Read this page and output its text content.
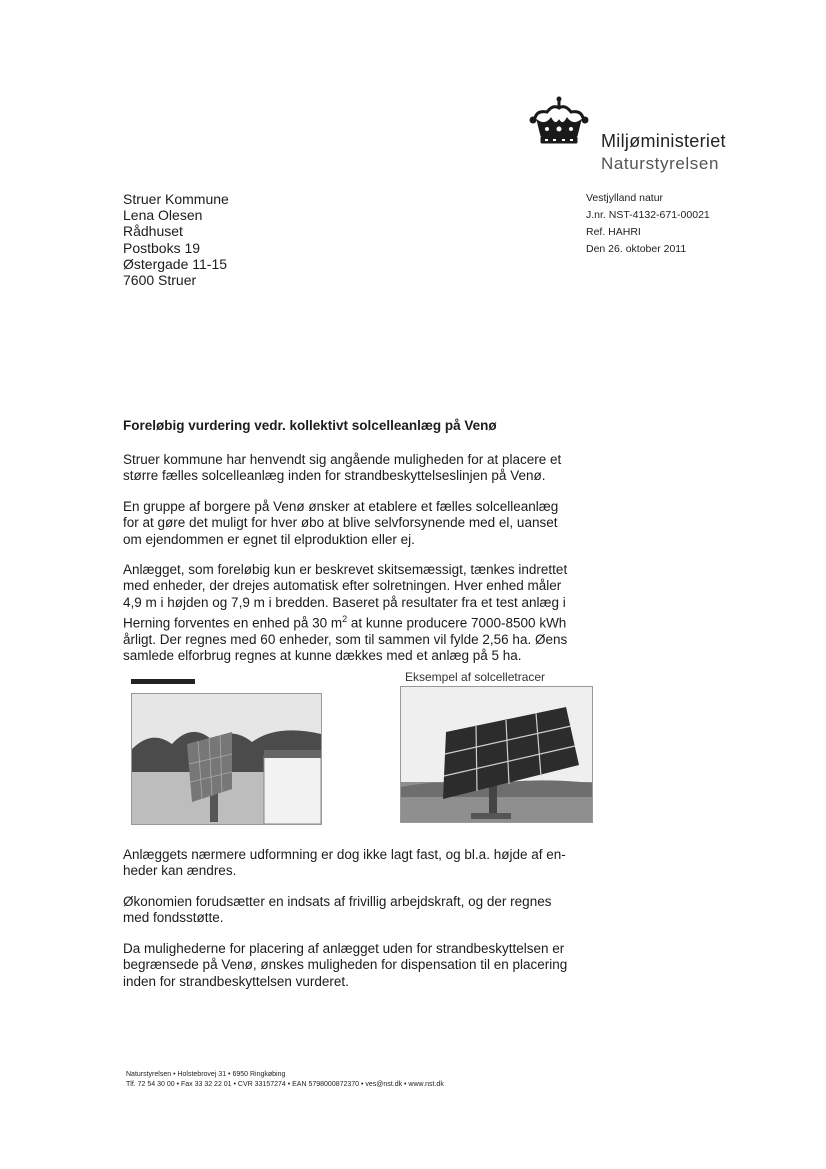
Miljøministeriet
Naturstyrelsen
Struer Kommune
Lena Olesen
Rådhuset
Postboks 19
Østergade 11-15
7600 Struer
Vestjylland natur
J.nr. NST-4132-671-00021
Ref. HAHRI
Den 26. oktober 2011
Foreløbig vurdering vedr. kollektivt solcelleanlæg på Venø

Struer kommune har henvendt sig angående muligheden for at placere et
større fælles solcelleanlæg inden for strandbeskyttelseslinjen på Venø.

En gruppe af borgere på Venø ønsker at etablere et fælles solcelleanlæg
for at gøre det muligt for hver øbo at blive selvforsynende med el, uanset
om ejendommen er egnet til elproduktion eller ej.

Anlægget, som foreløbig kun er beskrevet skitsemæssigt, tænkes indrettet
med enheder, der drejes automatisk efter solretningen. Hver enhed måler
4,9 m i højden og 7,9 m i bredden. Baseret på resultater fra et test anlæg i
Herning forventes en enhed på 30 $m^2$ at kunne producere 7000-8500 kWh
årligt. Der regnes med 60 enheder, som til sammen vil fylde 2,56 ha. Øens
samlede elforbrug regnes at kunne dækkes med et anlæg på 5 ha.

Eksempel af solcelletracer

Anlæggets nærmere udformning er dog ikke lagt fast, og bl.a. højde af en-
heder kan ændres.

Økonomien forudsætter en indsats af frivillig arbejdskraft, og der regnes
med fondsstøtte.

Da mulighederne for placering af anlægget uden for strandbeskyttelsen er
begrænsede på Venø, ønskes muligheden for dispensation til en placering
inden for strandbeskyttelsen vurderet.

Naturstyrelsen • Holstebrovej 31 • 6950 Ringkøbing
Tlf. 72 54 30 00 • Fax 33 32 22 01 • CVR 33157274 • EAN 5798000872370 • ves@nst.dk • www.nst.dk
